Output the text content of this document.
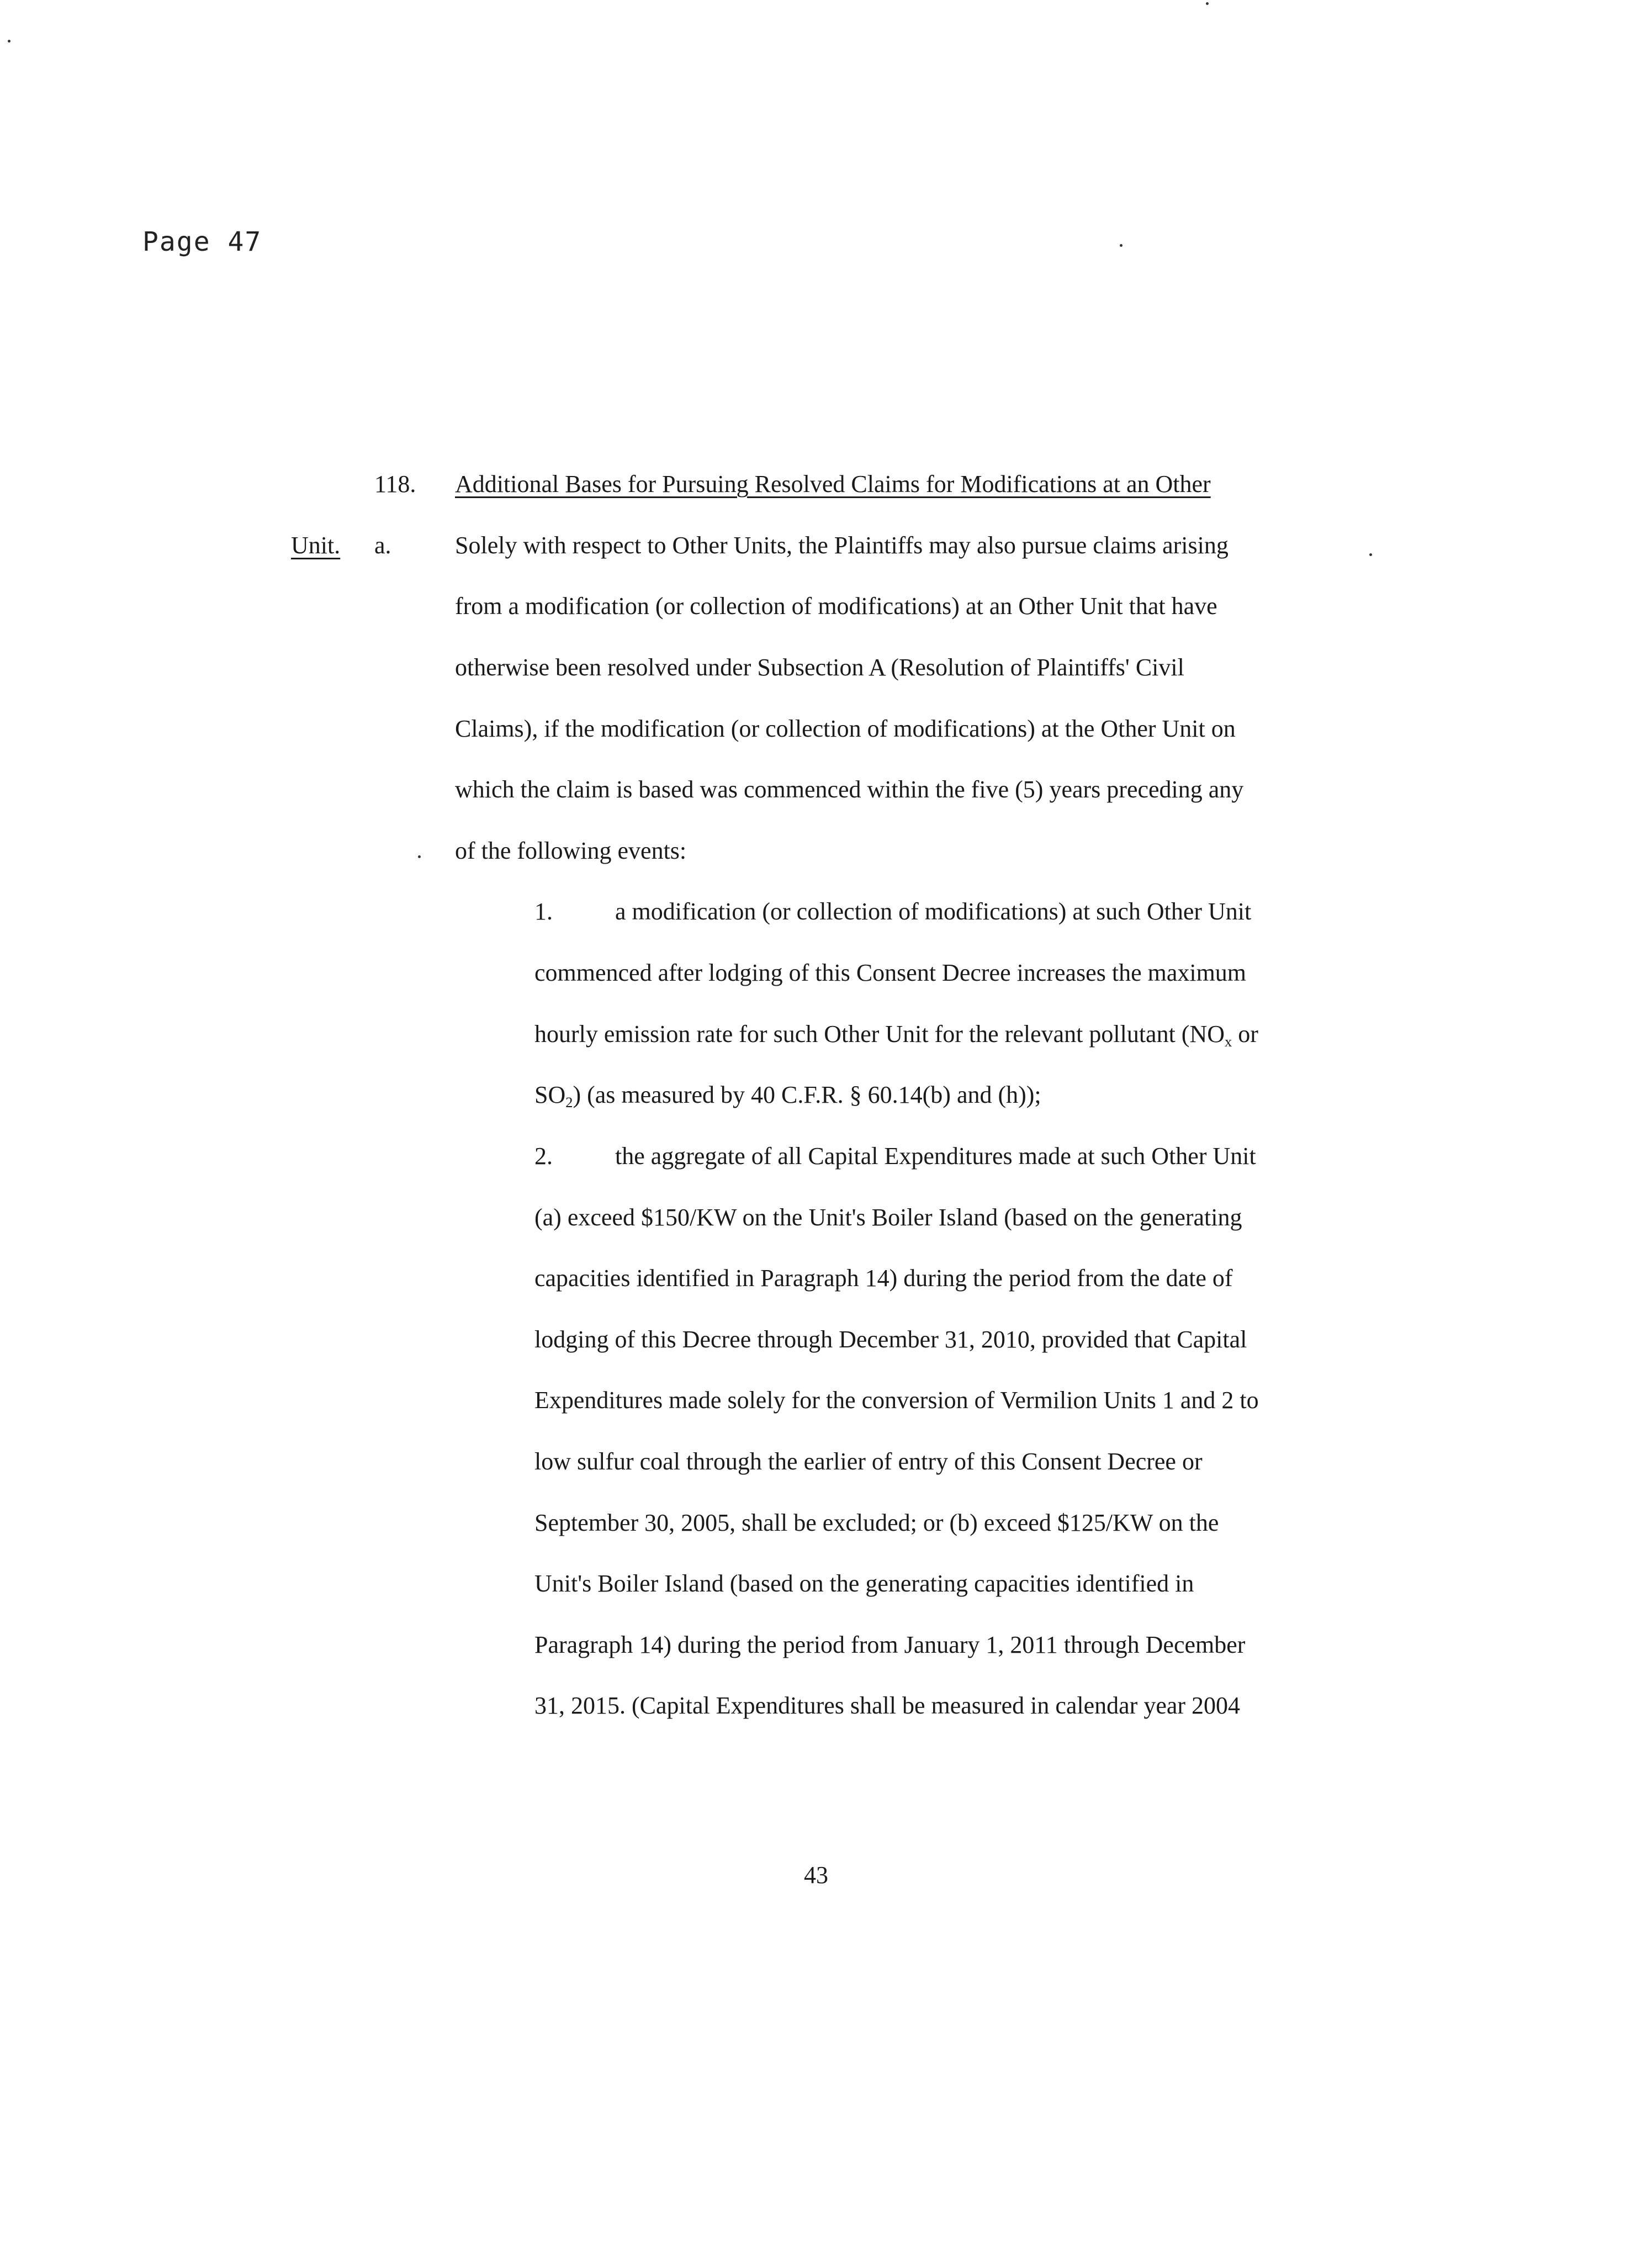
Page 47
118. Additional Bases for Pursuing Resolved Claims for Modifications at an Other
Unit. a.	Solely with respect to Other Units, the Plaintiffs may also pursue claims arising
from a modification (or collection of modifications) at an Other Unit that have
otherwise been resolved under Subsection A (Resolution of Plaintiffs' Civil
Claims), if the modification (or collection of modifications) at the Other Unit on
which the claim is based was commenced within the five (5) years preceding any
of the following events:
1.	a modification (or collection of modifications) at such Other Unit
commenced after lodging of this Consent Decree increases the maximum
hourly emission rate for such Other Unit for the relevant pollutant ($NO_x$ or
$SO_2$) (as measured by 40 C.F.R. § 60.14(b) and (h));
2.	the aggregate of all Capital Expenditures made at such Other Unit
(a) exceed $150/KW on the Unit's Boiler Island (based on the generating
capacities identified in Paragraph 14) during the period from the date of
lodging of this Decree through December 31, 2010, provided that Capital
Expenditures made solely for the conversion of Vermilion Units 1 and 2 to
low sulfur coal through the earlier of entry of this Consent Decree or
September 30, 2005, shall be excluded; or (b) exceed $125/KW on the
Unit's Boiler Island (based on the generating capacities identified in
Paragraph 14) during the period from January 1, 2011 through December
31, 2015. (Capital Expenditures shall be measured in calendar year 2004
43
